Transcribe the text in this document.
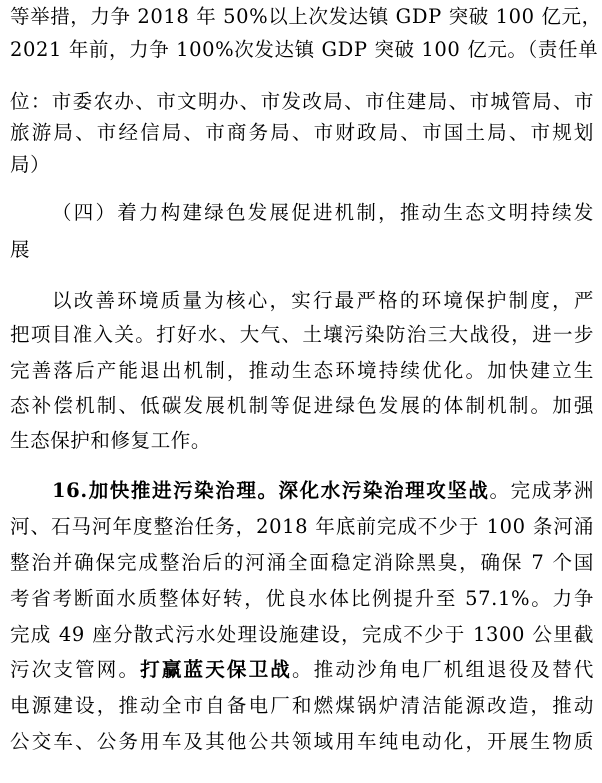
等举措，力争 2018 年 50%以上次发达镇 GDP 突破 100 亿元，
2021 年前，力争 100%次发达镇 GDP 突破 100 亿元。（责任单
位：市委农办、市文明办、市发改局、市住建局、市城管局、市
旅游局、市经信局、市商务局、市财政局、市国土局、市规划
局）
（四）着力构建绿色发展促进机制，推动生态文明持续发
展
以改善环境质量为核心，实行最严格的环境保护制度，严
把项目准入关。打好水、大气、土壤污染防治三大战役，进一步
完善落后产能退出机制，推动生态环境持续优化。加快建立生
态补偿机制、低碳发展机制等促进绿色发展的体制机制。加强
生态保护和修复工作。
16.加快推进污染治理。深化水污染治理攻坚战。完成茅洲
河、石马河年度整治任务，2018 年底前完成不少于 100 条河涌
整治并确保完成整治后的河涌全面稳定消除黑臭，确保 7 个国
考省考断面水质整体好转，优良水体比例提升至 57.1%。力争
完成 49 座分散式污水处理设施建设，完成不少于 1300 公里截
污次支管网。打赢蓝天保卫战。推动沙角电厂机组退役及替代
电源建设，推动全市自备电厂和燃煤锅炉清洁能源改造，推动
公交车、公务用车及其他公共领域用车纯电动化，开展生物质
